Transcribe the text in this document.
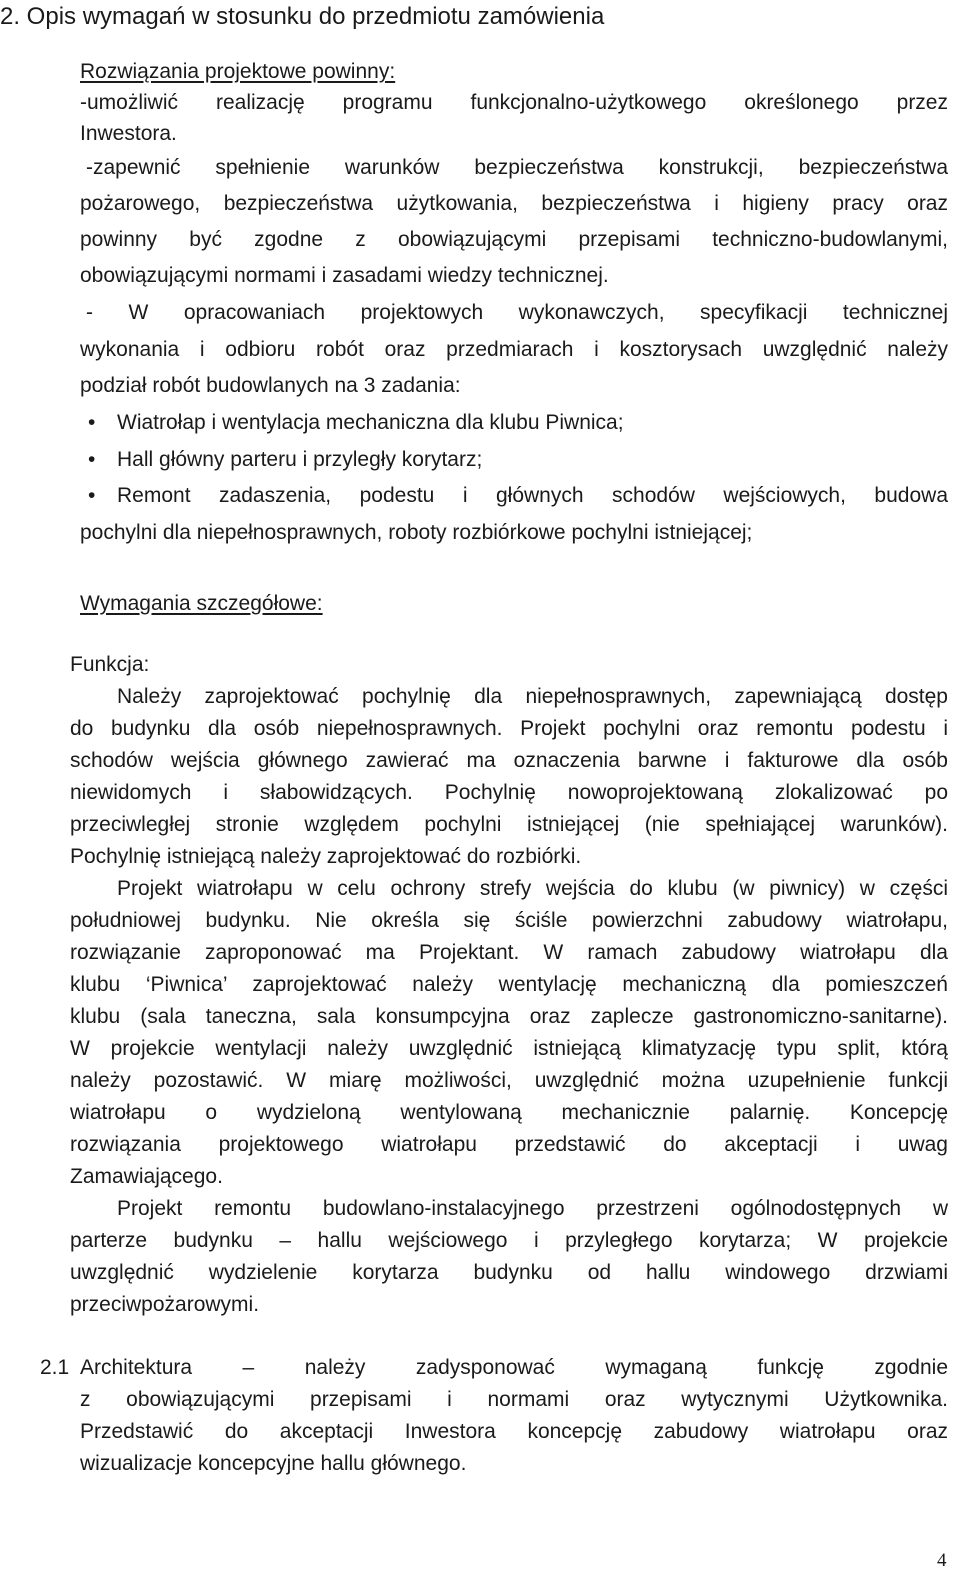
2. Opis wymagań w stosunku do przedmiotu zamówienia
Rozwiązania projektowe powinny:
-umożliwić realizację programu funkcjonalno-użytkowego określonego przez
Inwestora.
-zapewnić spełnienie warunków bezpieczeństwa konstrukcji, bezpieczeństwa
pożarowego, bezpieczeństwa użytkowania, bezpieczeństwa i higieny pracy oraz
powinny być zgodne z obowiązującymi przepisami techniczno-budowlanymi,
obowiązującymi normami i zasadami wiedzy technicznej.
- W opracowaniach projektowych wykonawczych, specyfikacji technicznej
wykonania i odbioru robót oraz przedmiarach i kosztorysach uwzględnić należy
podział robót budowlanych na 3 zadania:
• Wiatrołap i wentylacja mechaniczna dla klubu Piwnica;
• Hall główny parteru i przyległy korytarz;
• Remont zadaszenia, podestu i głównych schodów wejściowych, budowa
pochylni dla niepełnosprawnych, roboty rozbiórkowe pochylni istniejącej;
Wymagania szczegółowe:
Funkcja:
Należy zaprojektować pochylnię dla niepełnosprawnych, zapewniającą dostęp
do budynku dla osób niepełnosprawnych. Projekt pochylni oraz remontu podestu i
schodów wejścia głównego zawierać ma oznaczenia barwne i fakturowe dla osób
niewidomych i słabowidzących. Pochylnię nowoprojektowaną zlokalizować po
przeciwległej stronie względem pochylni istniejącej (nie spełniającej warunków).
Pochylnię istniejącą należy zaprojektować do rozbiórki.
Projekt wiatrołapu w celu ochrony strefy wejścia do klubu (w piwnicy) w części
południowej budynku. Nie określa się ściśle powierzchni zabudowy wiatrołapu,
rozwiązanie zaproponować ma Projektant. W ramach zabudowy wiatrołapu dla
klubu ‘Piwnica’ zaprojektować należy wentylację mechaniczną dla pomieszczeń
klubu (sala taneczna, sala konsumpcyjna oraz zaplecze gastronomiczno-sanitarne).
W projekcie wentylacji należy uwzględnić istniejącą klimatyzację typu split, którą
należy pozostawić. W miarę możliwości, uwzględnić można uzupełnienie funkcji
wiatrołapu o wydzieloną wentylowaną mechanicznie palarnię. Koncepcję
rozwiązania projektowego wiatrołapu przedstawić do akceptacji i uwag
Zamawiającego.
Projekt remontu budowlano-instalacyjnego przestrzeni ogólnodostępnych w
parterze budynku – hallu wejściowego i przyległego korytarza; W projekcie
uwzględnić wydzielenie korytarza budynku od hallu windowego drzwiami
przeciwpożarowymi.
2.1 Architektura – należy zadysponować wymaganą funkcję zgodnie
z obowiązującymi przepisami i normami oraz wytycznymi Użytkownika.
Przedstawić do akceptacji Inwestora koncepcję zabudowy wiatrołapu oraz
wizualizacje koncepcyjne hallu głównego.
4
